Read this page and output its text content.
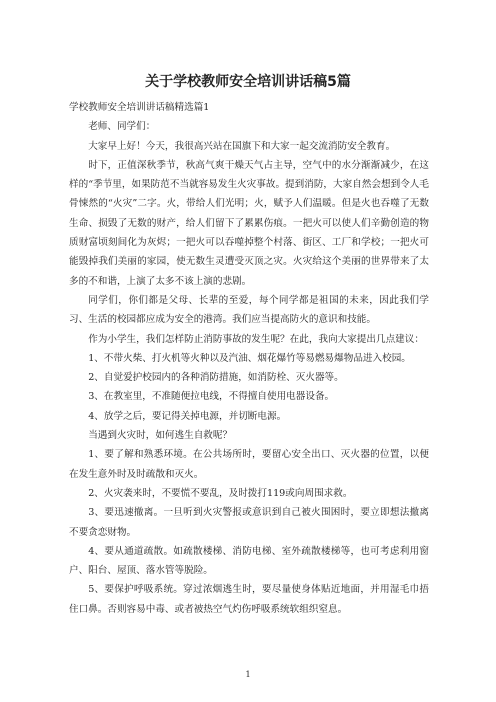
关于学校教师安全培训讲话稿5篇

学校教师安全培训讲话稿精选篇1

老师、同学们：

大家早上好！今天，我很高兴站在国旗下和大家一起交流消防安全教育。

时下，正值深秋季节，秋高气爽干燥天气占主导，空气中的水分渐渐减少，在这样的“季节里，如果防范不当就容易发生火灾事故。提到消防，大家自然会想到令人毛骨悚然的“火灾”二字。火，带给人们光明；火，赋予人们温暖。但是火也吞噬了无数生命、损毁了无数的财产，给人们留下了累累伤痕。一把火可以使人们辛勤创造的物质财富顷刻间化为灰烬；一把火可以吞噬掉整个村落、街区、工厂和学校；一把火可能毁掉我们美丽的家园，使无数生灵遭受灭顶之灾。火灾给这个美丽的世界带来了太多的不和谐，上演了太多不该上演的悲剧。

同学们，你们都是父母、长辈的至爱，每个同学都是祖国的未来，因此我们学习、生活的校园都应成为安全的港湾。我们应当提高防火的意识和技能。

作为小学生，我们怎样防止消防事故的发生呢？在此，我向大家提出几点建议：

1、不带火柴、打火机等火种以及汽油、烟花爆竹等易燃易爆物品进入校园。

2、自觉爱护校园内的各种消防措施，如消防栓、灭火器等。

3、在教室里，不准随便拉电线，不得擅自使用电器设备。

4、放学之后，要记得关掉电源，并切断电源。

当遇到火灾时，如何逃生自救呢？

1、要了解和熟悉环境。在公共场所时，要留心安全出口、灭火器的位置，以便在发生意外时及时疏散和灭火。

2、火灾袭来时，不要慌不要乱，及时拨打119或向周围求救。

3、要迅速撤离。一旦听到火灾警报或意识到自己被火围困时，要立即想法撤离不要贪恋财物。

4、要从通道疏散。如疏散楼梯、消防电梯、室外疏散楼梯等，也可考虑利用窗户、阳台、屋顶、落水管等脱险。

5、要保护呼吸系统。穿过浓烟逃生时，要尽量使身体贴近地面，并用湿毛巾捂住口鼻。否则容易中毒、或者被热空气灼伤呼吸系统软组织窒息。

1
